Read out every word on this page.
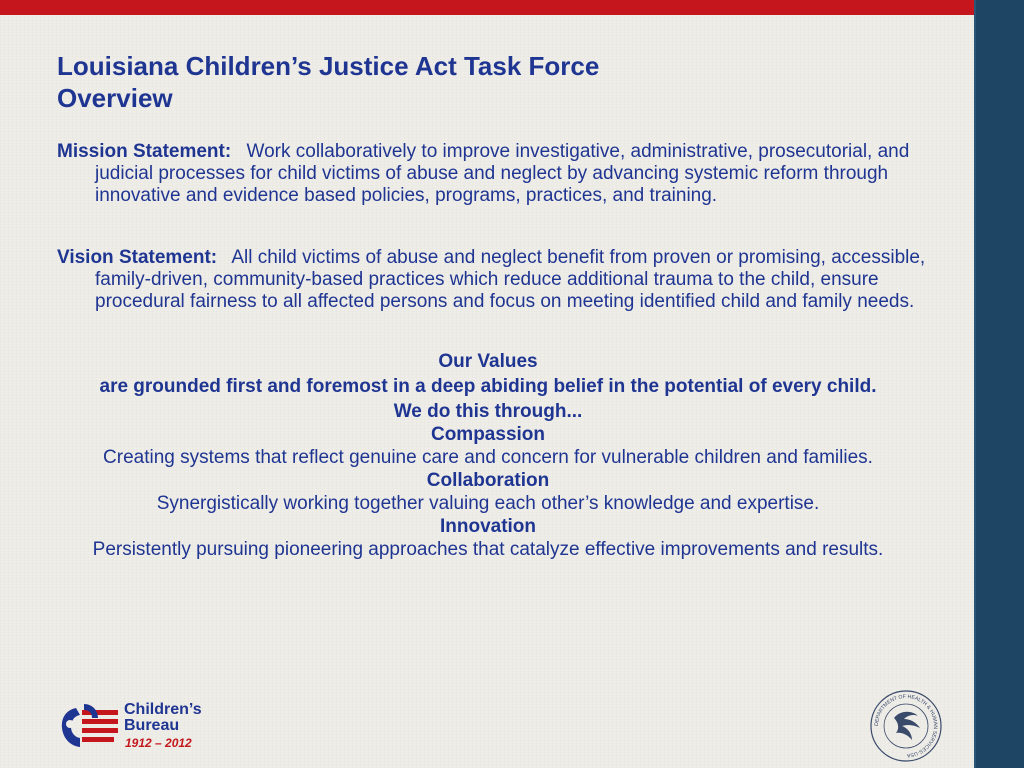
Louisiana Children’s Justice Act Task Force
Overview

Mission Statement: Work collaboratively to improve investigative, administrative, prosecutorial, and judicial processes for child victims of abuse and neglect by advancing systemic reform through innovative and evidence based policies, programs, practices, and training.

Vision Statement: All child victims of abuse and neglect benefit from proven or promising, accessible, family-driven, community-based practices which reduce additional trauma to the child, ensure procedural fairness to all affected persons and focus on meeting identified child and family needs.

Our Values

are grounded first and foremost in a deep abiding belief in the potential of every child.

We do this through...

Compassion

Creating systems that reflect genuine care and concern for vulnerable children and families.

Collaboration

Synergistically working together valuing each other’s knowledge and expertise.

Innovation

Persistently pursuing pioneering approaches that catalyze effective improvements and results.

Children’s Bureau
1912 – 2012
DEPARTMENT OF HEALTH & HUMAN SERVICES·USA
